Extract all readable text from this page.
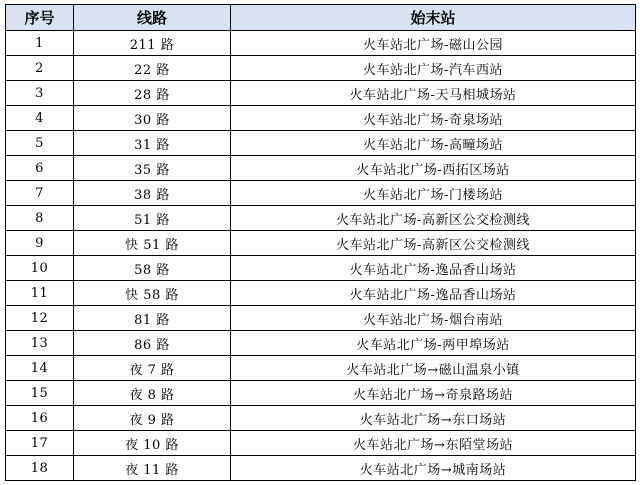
序号	线路	始末站
1	211 路	火车站北广场-磁山公园
2	22 路	火车站北广场-汽车西站
3	28 路	火车站北广场-天马相城场站
4	30 路	火车站北广场-奇泉场站
5	31 路	火车站北广场-高疃场站
6	35 路	火车站北广场-西拓区场站
7	38 路	火车站北广场-门楼场站
8	51 路	火车站北广场-高新区公交检测线
9	快 51 路	火车站北广场-高新区公交检测线
10	58 路	火车站北广场-逸品香山场站
11	快 58 路	火车站北广场-逸品香山场站
12	81 路	火车站北广场-烟台南站
13	86 路	火车站北广场-两甲埠场站
14	夜 7 路	火车站北广场→磁山温泉小镇
15	夜 8 路	火车站北广场→奇泉路场站
16	夜 9 路	火车站北广场→东口场站
17	夜 10 路	火车站北广场→东陌堂场站
18	夜 11 路	火车站北广场→城南场站
